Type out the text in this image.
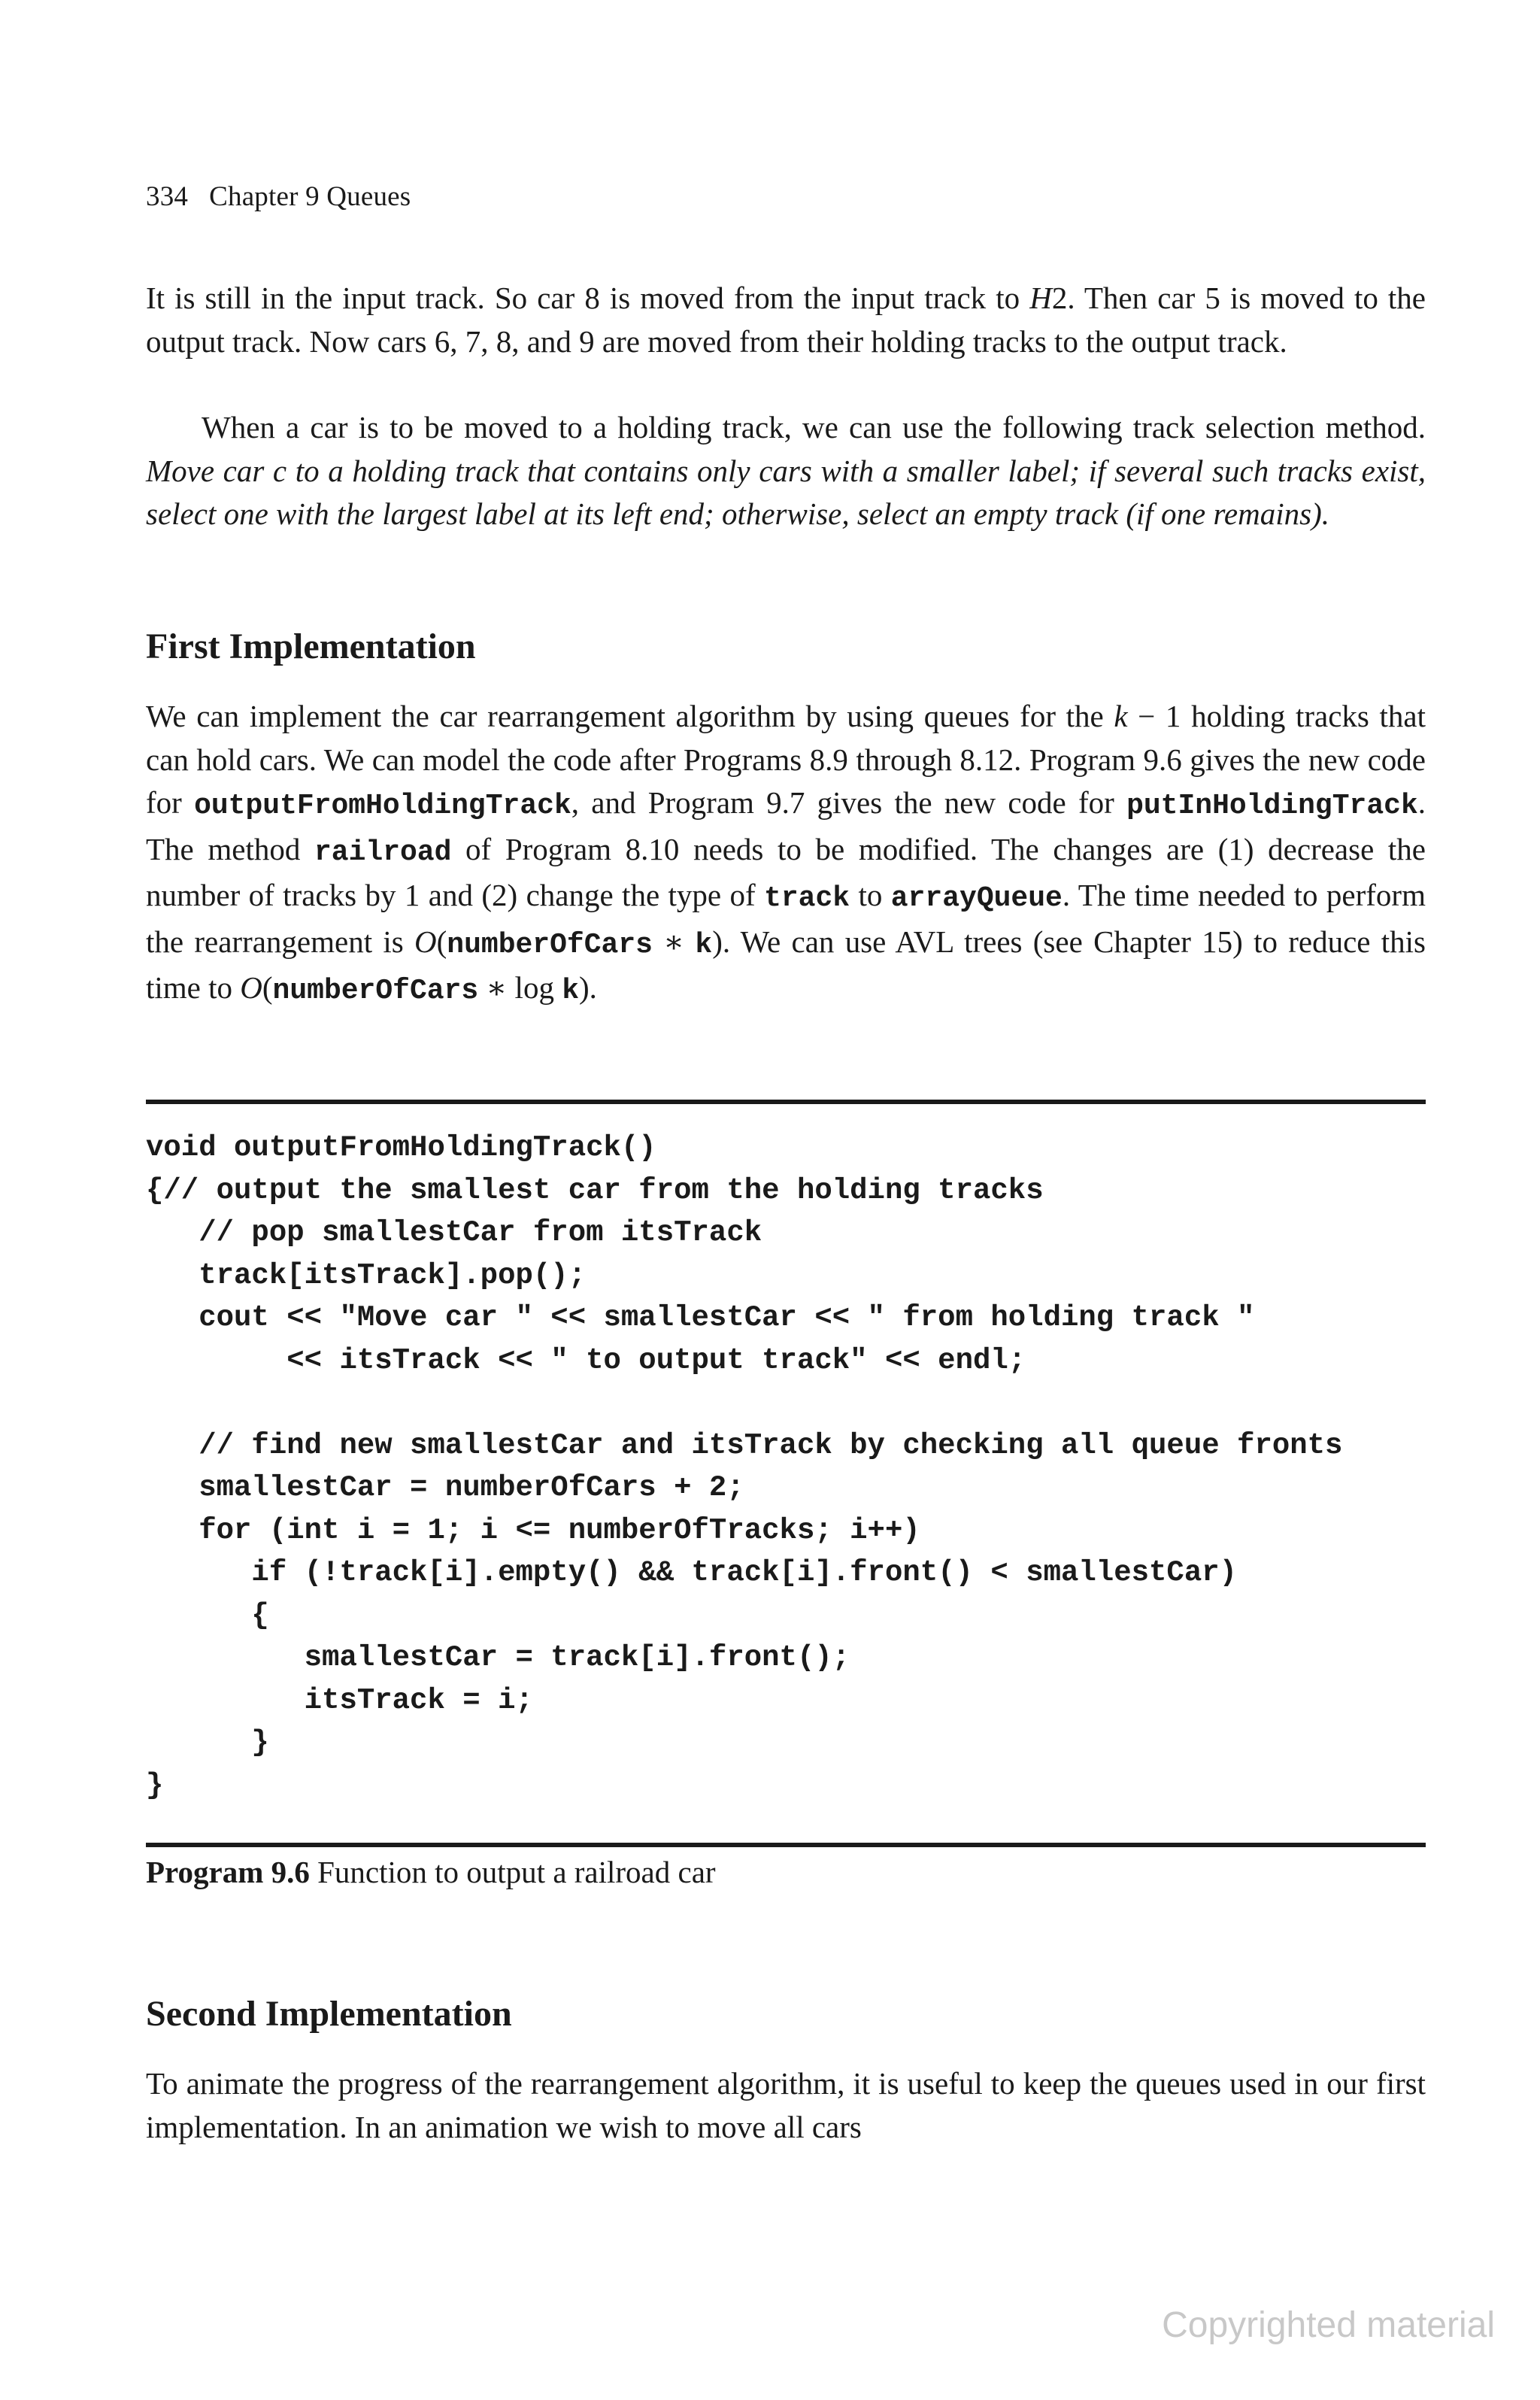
334 Chapter 9 Queues
It is still in the input track. So car 8 is moved from the input track to H2. Then car 5 is moved to the output track. Now cars 6, 7, 8, and 9 are moved from their holding tracks to the output track.
When a car is to be moved to a holding track, we can use the following track selection method. Move car c to a holding track that contains only cars with a smaller label; if several such tracks exist, select one with the largest label at its left end; otherwise, select an empty track (if one remains).
First Implementation
We can implement the car rearrangement algorithm by using queues for the k − 1 holding tracks that can hold cars. We can model the code after Programs 8.9 through 8.12. Program 9.6 gives the new code for outputFromHoldingTrack, and Program 9.7 gives the new code for putInHoldingTrack. The method railroad of Program 8.10 needs to be modified. The changes are (1) decrease the number of tracks by 1 and (2) change the type of track to arrayQueue. The time needed to perform the rearrangement is O(numberOfCars ∗ k). We can use AVL trees (see Chapter 15) to reduce this time to O(numberOfCars ∗ log k).
void outputFromHoldingTrack()
{// output the smallest car from the holding tracks
// pop smallestCar from itsTrack
track[itsTrack].pop();
cout << "Move car " << smallestCar << " from holding track "
<< itsTrack << " to output track" << endl;

// find new smallestCar and itsTrack by checking all queue fronts
smallestCar = numberOfCars + 2;
for (int i = 1; i <= numberOfTracks; i++)
if (!track[i].empty() && track[i].front() < smallestCar)
{
smallestCar = track[i].front();
itsTrack = i;
}
}
Program 9.6 Function to output a railroad car
Second Implementation
To animate the progress of the rearrangement algorithm, it is useful to keep the queues used in our first implementation. In an animation we wish to move all cars
Copyrighted material
